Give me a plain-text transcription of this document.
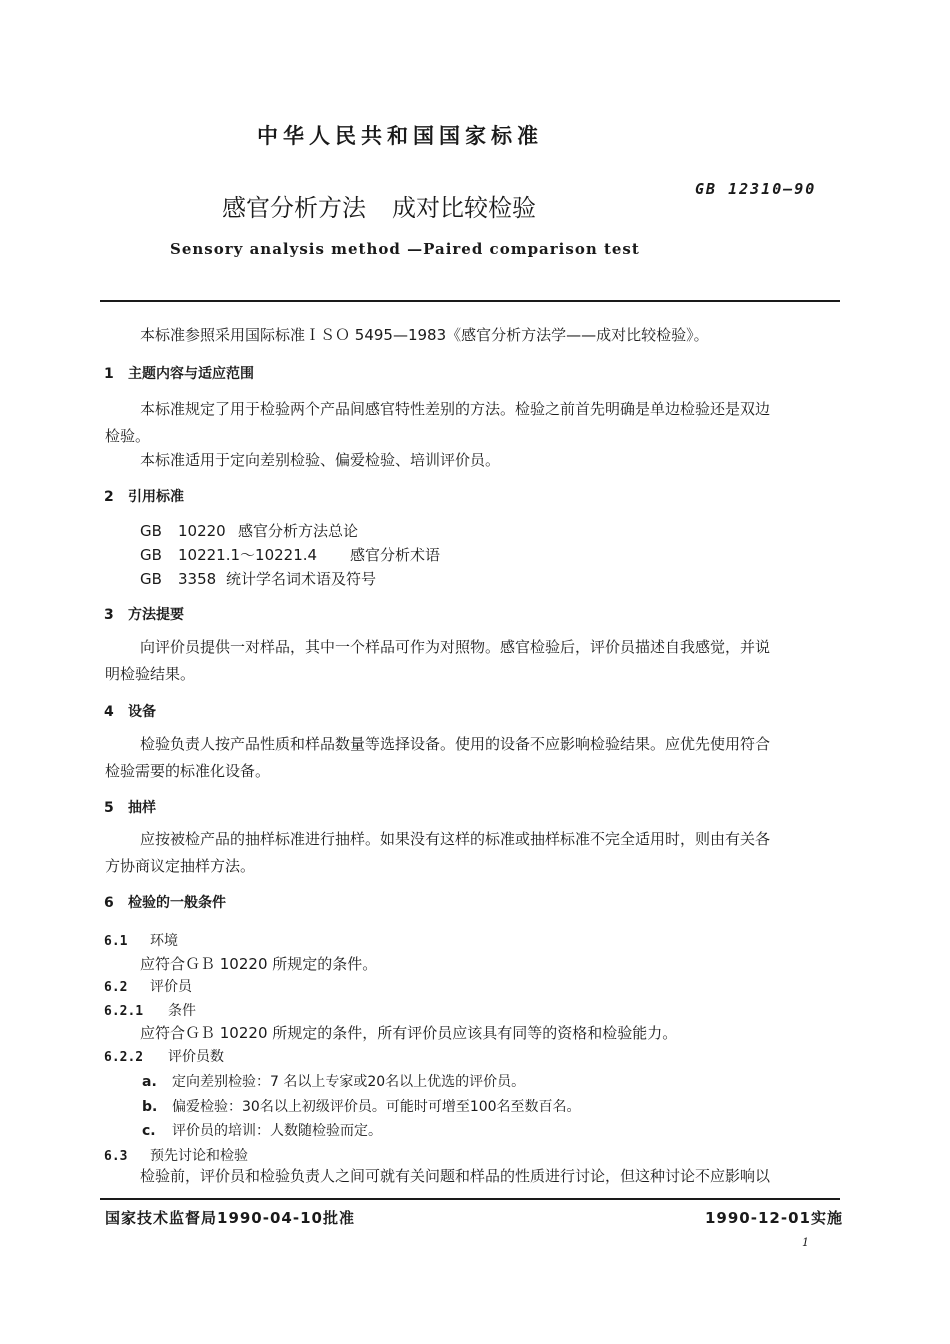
中华人民共和国国家标准
感官分析方法 成对比较检验
GB 12310—90
Sensory analysis method —Paired comparison test
本标准参照采用国际标准ＩＳＯ 5495—1983《感官分析方法学——成对比较检验》。
1 主题内容与适应范围
本标准规定了用于检验两个产品间感官特性差别的方法。检验之前首先明确是单边检验还是双边
检验。
本标准适用于定向差别检验、偏爱检验、培训评价员。
2 引用标准
GB 10220 感官分析方法总论
GB 10221.1～10221.4 感官分析术语
GB 3358 统计学名词术语及符号
3 方法提要
向评价员提供一对样品，其中一个样品可作为对照物。感官检验后，评价员描述自我感觉，并说
明检验结果。
4 设备
检验负责人按产品性质和样品数量等选择设备。使用的设备不应影响检验结果。应优先使用符合
检验需要的标准化设备。
5 抽样
应按被检产品的抽样标准进行抽样。如果没有这样的标准或抽样标准不完全适用时，则由有关各
方协商议定抽样方法。
6 检验的一般条件
6.1 环境
应符合ＧＢ 10220 所规定的条件。
6.2 评价员
6.2.1 条件
应符合ＧＢ 10220 所规定的条件，所有评价员应该具有同等的资格和检验能力。
6.2.2 评价员数
a. 定向差别检验：7 名以上专家或20名以上优选的评价员。
b. 偏爱检验：30名以上初级评价员。可能时可增至100名至数百名。
c. 评价员的培训：人数随检验而定。
6.3 预先讨论和检验
检验前，评价员和检验负责人之间可就有关问题和样品的性质进行讨论，但这种讨论不应影响以
国家技术监督局1990-04-10批准	1990-12-01实施
1
